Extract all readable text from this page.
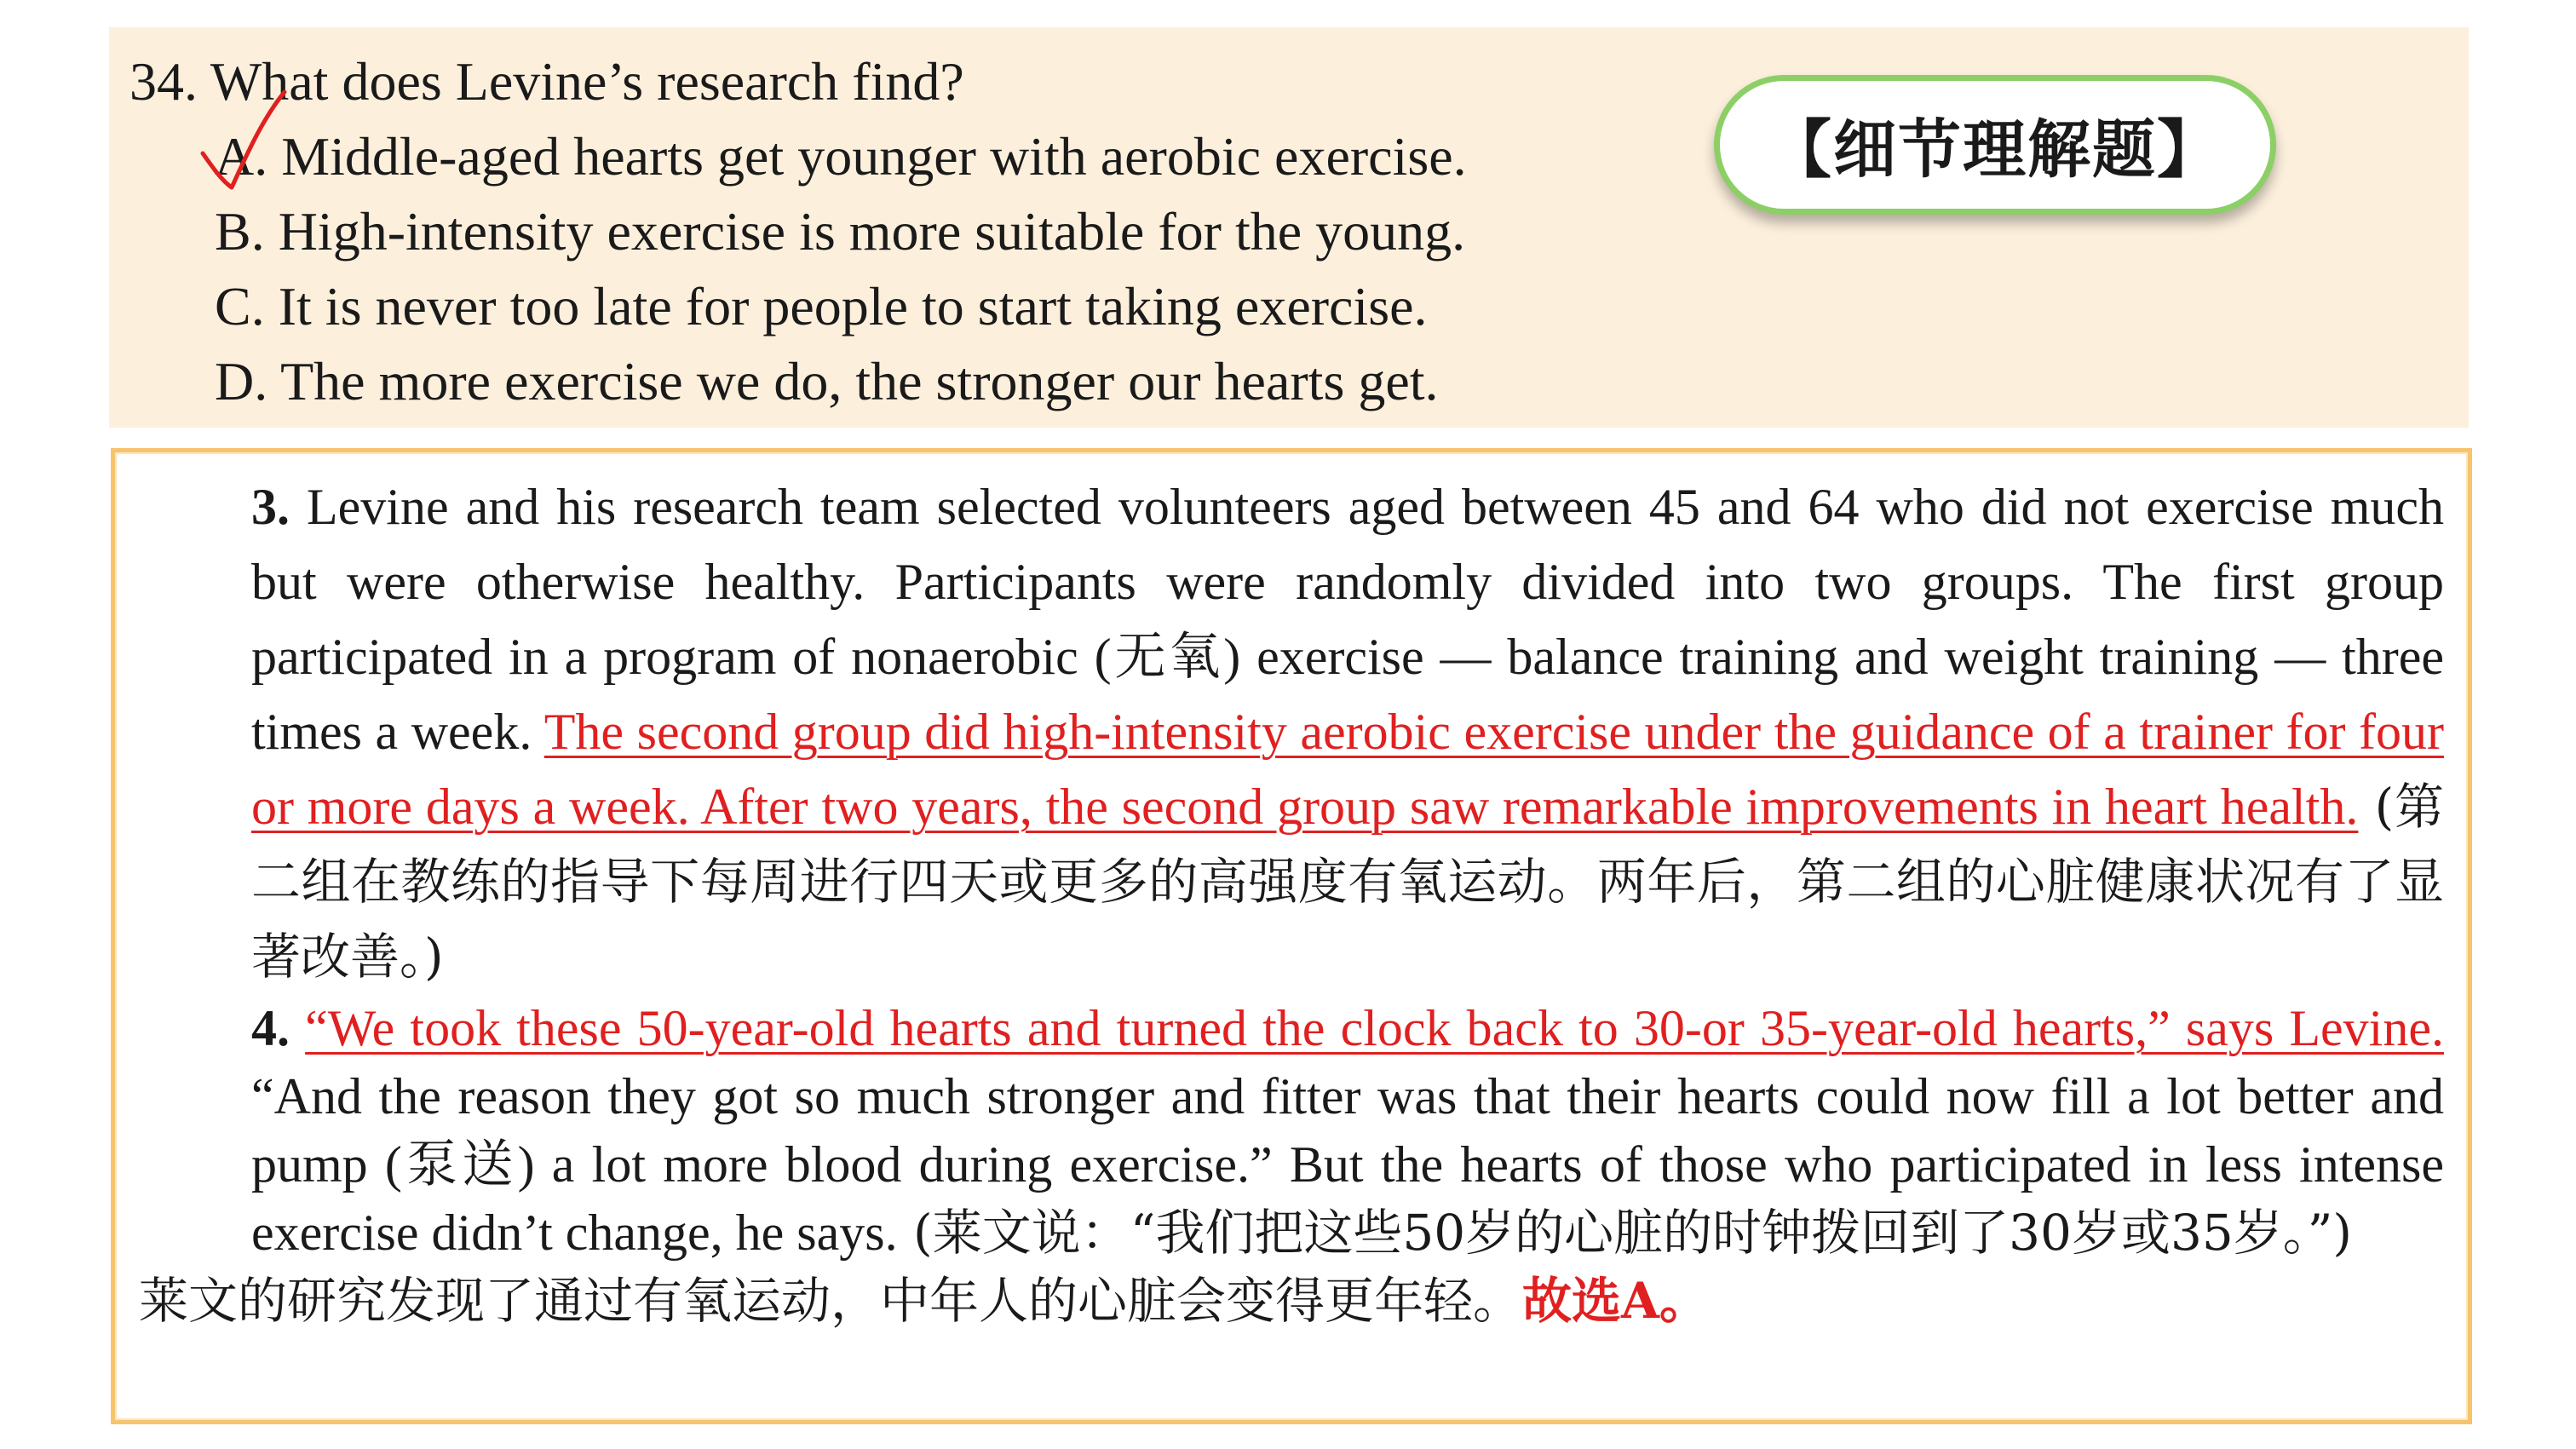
34. What does Levine’s research find?
A. Middle-aged hearts get younger with aerobic exercise.
B. High-intensity exercise is more suitable for the young.
C. It is never too late for people to start taking exercise.
D. The more exercise we do, the stronger our hearts get.
【细节理解题】

3. Levine and his research team selected volunteers aged between 45 and 64 who did not exercise much but were otherwise healthy. Participants were randomly divided into two groups. The first group participated in a program of nonaerobic (无氧) exercise — balance training and weight training — three times a week. The second group did high-intensity aerobic exercise under the guidance of a trainer for four or more days a week. After two years, the second group saw remarkable improvements in heart health. (第二组在教练的指导下每周进行四天或更多的高强度有氧运动。两年后，第二组的心脏健康状况有了显著改善。)

4. “We took these 50-year-old hearts and turned the clock back to 30-or 35-year-old hearts,” says Levine. “And the reason they got so much stronger and fitter was that their hearts could now fill a lot better and pump (泵送) a lot more blood during exercise.” But the hearts of those who participated in less intense exercise didn’t change, he says. (莱文说：“我们把这些50岁的心脏的时钟拨回到了30岁或35岁。”)

莱文的研究发现了通过有氧运动，中年人的心脏会变得更年轻。故选A。
